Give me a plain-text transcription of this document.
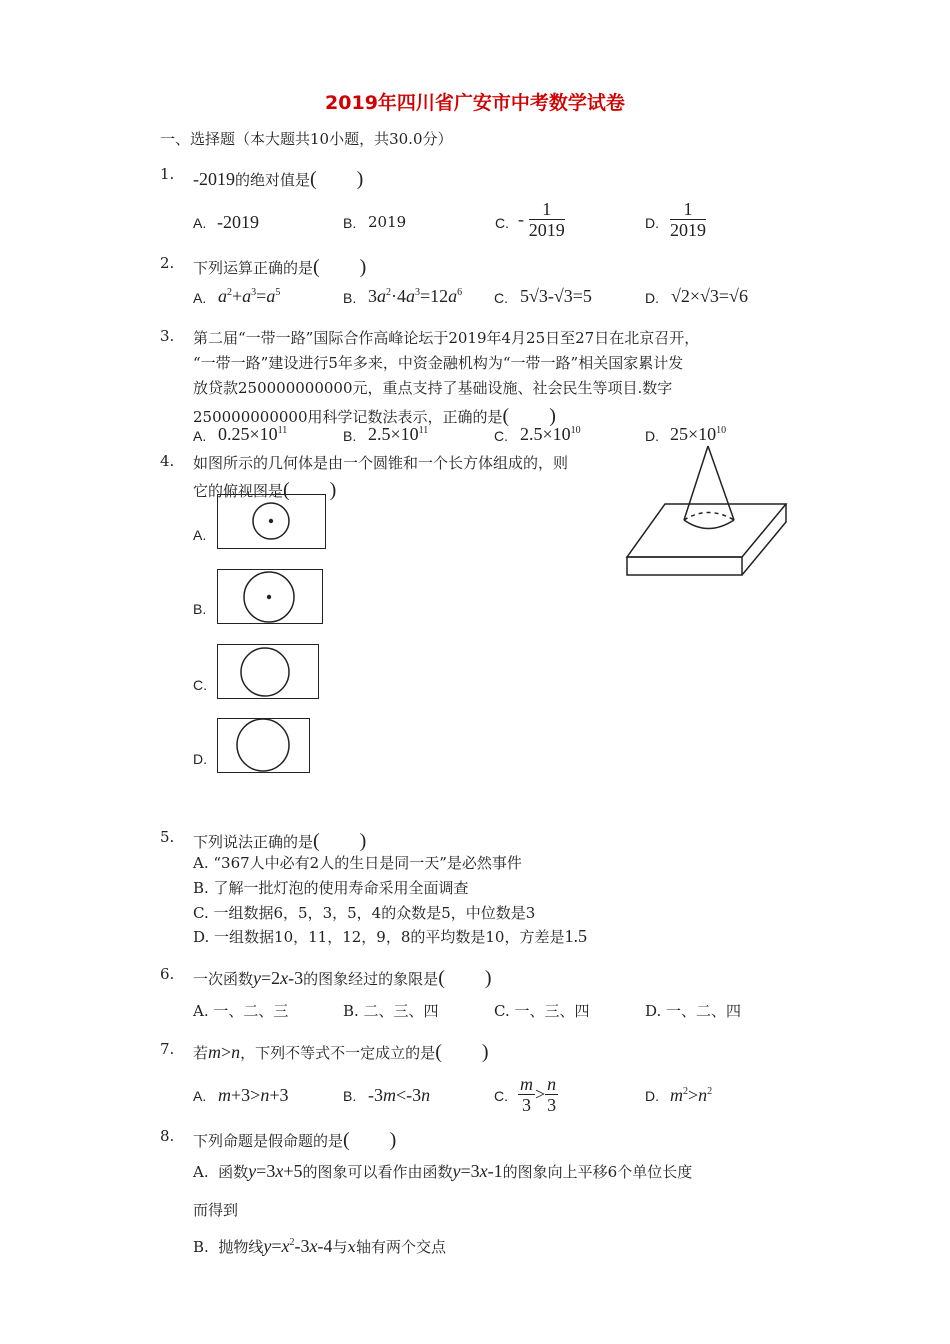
2019年四川省广安市中考数学试卷
一、选择题（本大题共10小题，共30.0分）
1. -2019的绝对值是(　　)
A. -2019	B. 2019	C. - $\frac{1}{2019}$	D. $\frac{1}{2019}$
2. 下列运算正确的是(　　)
A. $a^2+a^3=a^5$	B. $3a^2\cdot 4a^3=12a^6$ C. 5√3-√3=5	D. √2×√3=√6
3. 第二届“一带一路”国际合作高峰论坛于2019年4月25日至27日在北京召开，
“一带一路”建设进行5年多来，中资金融机构为“一带一路”相关国家累计发
放贷款250000000000元，重点支持了基础设施、社会民生等项目.数字
250000000000用科学记数法表示，正确的是(　　)
A. $0.25\times 10^{11}$	B. $2.5\times 10^{11}$	C. $2.5\times 10^{10}$	D. $25\times 10^{10}$
4. 如图所示的几何体是由一个圆锥和一个长方体组成的，则
它的俯视图是(　　)
A.
B.
C.
D.
5. 下列说法正确的是(　　)
A. “367人中必有2人的生日是同一天”是必然事件
B. 了解一批灯泡的使用寿命采用全面调查
C. 一组数据6，5，3，5，4的众数是5，中位数是3
D. 一组数据10，11，12，9，8的平均数是10，方差是1.5
6. 一次函数y=2x-3的图象经过的象限是(　　)
A. 一、二、三	B. 二、三、四	C. 一、三、四	D. 一、二、四
7. 若m>n，下列不等式不一定成立的是(　　)
A. m+3>n+3	B. -3m<-3n	C. $\frac{m}{3} > \frac{n}{3}$	D. $m^2>n^2$
8. 下列命题是假命题的是(　　)
A. 函数y=3x+5的图象可以看作由函数y=3x-1的图象向上平移6个单位长度
而得到
B. 抛物线$y=x^2-3x-4$与x轴有两个交点
